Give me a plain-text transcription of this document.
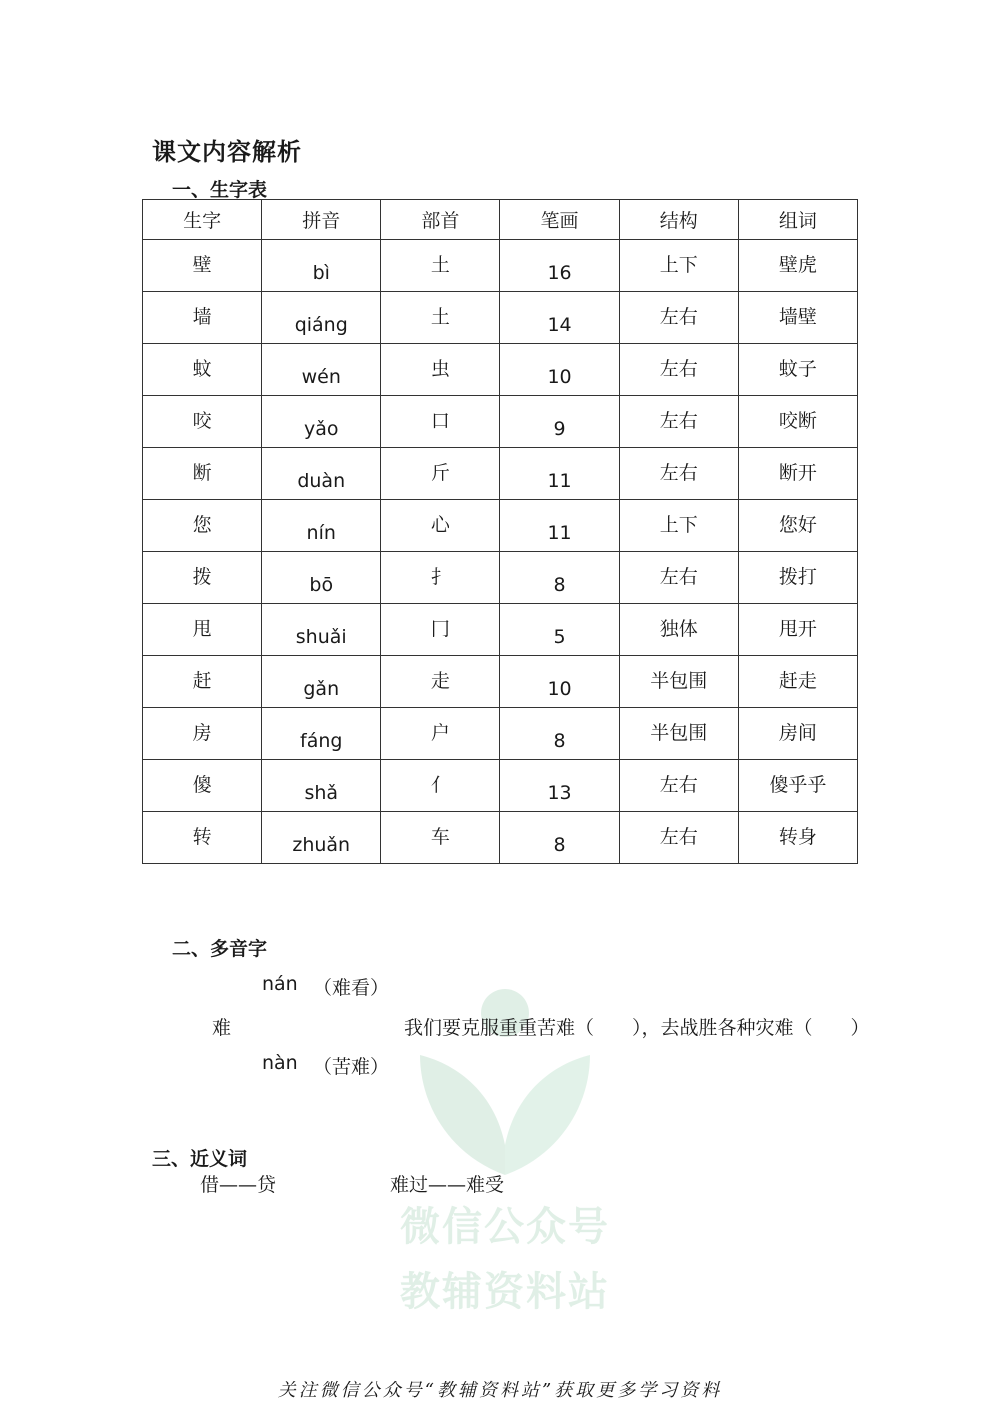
微信公众号
教辅资料站
课文内容解析
一、生字表
生字	拼音	部首	笔画	结构	组词
壁	bì	土	16	上下	壁虎
墙	qiáng	土	14	左右	墙壁
蚊	wén	虫	10	左右	蚊子
咬	yǎo	口	9	左右	咬断
断	duàn	斤	11	左右	断开
您	nín	心	11	上下	您好
拨	bō	扌	8	左右	拨打
甩	shuǎi	冂	5	独体	甩开
赶	gǎn	走	10	半包围	赶走
房	fáng	户	8	半包围	房间
傻	shǎ	亻	13	左右	傻乎乎
转	zhuǎn	车	8	左右	转身
二、多音字
nán （难看）
难	我们要克服重重苦难（　　），去战胜各种灾难（　　）
nàn （苦难）
三、近义词
借——贷	难过——难受
关注微信公众号“教辅资料站”获取更多学习资料
